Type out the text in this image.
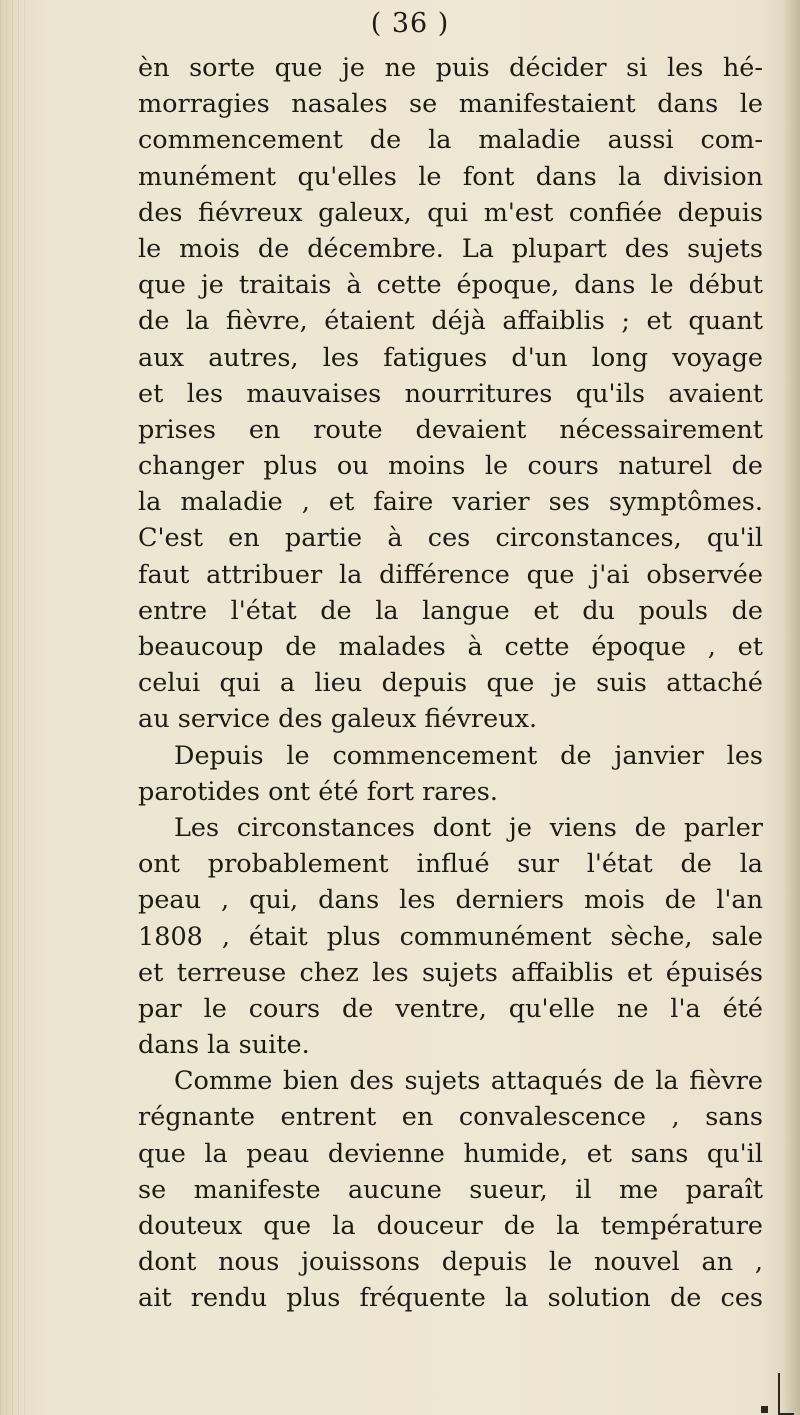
( 36 )
èn sorte que je ne puis décider si les hé-
morragies nasales se manifestaient dans le
commencement de la maladie aussi com-
munément qu'elles le font dans la division
des fiévreux galeux, qui m'est confiée depuis
le mois de décembre. La plupart des sujets
que je traitais à cette époque, dans le début
de la fièvre, étaient déjà affaiblis ; et quant
aux autres, les fatigues d'un long voyage
et les mauvaises nourritures qu'ils avaient
prises en route devaient nécessairement
changer plus ou moins le cours naturel de
la maladie , et faire varier ses symptômes.
C'est en partie à ces circonstances, qu'il
faut attribuer la différence que j'ai observée
entre l'état de la langue et du pouls de
beaucoup de malades à cette époque , et
celui qui a lieu depuis que je suis attaché
au service des galeux fiévreux.
Depuis le commencement de janvier les
parotides ont été fort rares.
Les circonstances dont je viens de parler
ont probablement influé sur l'état de la
peau , qui, dans les derniers mois de l'an
1808 , était plus communément sèche, sale
et terreuse chez les sujets affaiblis et épuisés
par le cours de ventre, qu'elle ne l'a été
dans la suite.
Comme bien des sujets attaqués de la fièvre
régnante entrent en convalescence , sans
que la peau devienne humide, et sans qu'il
se manifeste aucune sueur, il me paraît
douteux que la douceur de la température
dont nous jouissons depuis le nouvel an ,
ait rendu plus fréquente la solution de ces
